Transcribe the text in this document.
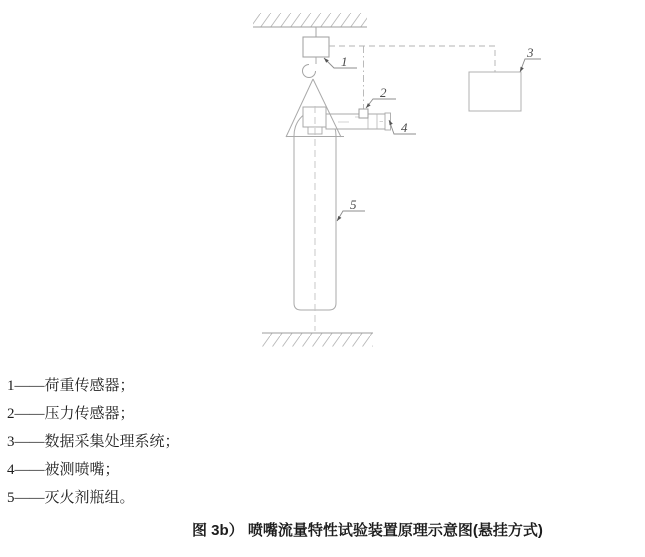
1
2
3
4
5
1——荷重传感器；
2——压力传感器；
3——数据采集处理系统；
4——被测喷嘴；
5——灭火剂瓶组。
图 3b） 喷嘴流量特性试验装置原理示意图(悬挂方式)
